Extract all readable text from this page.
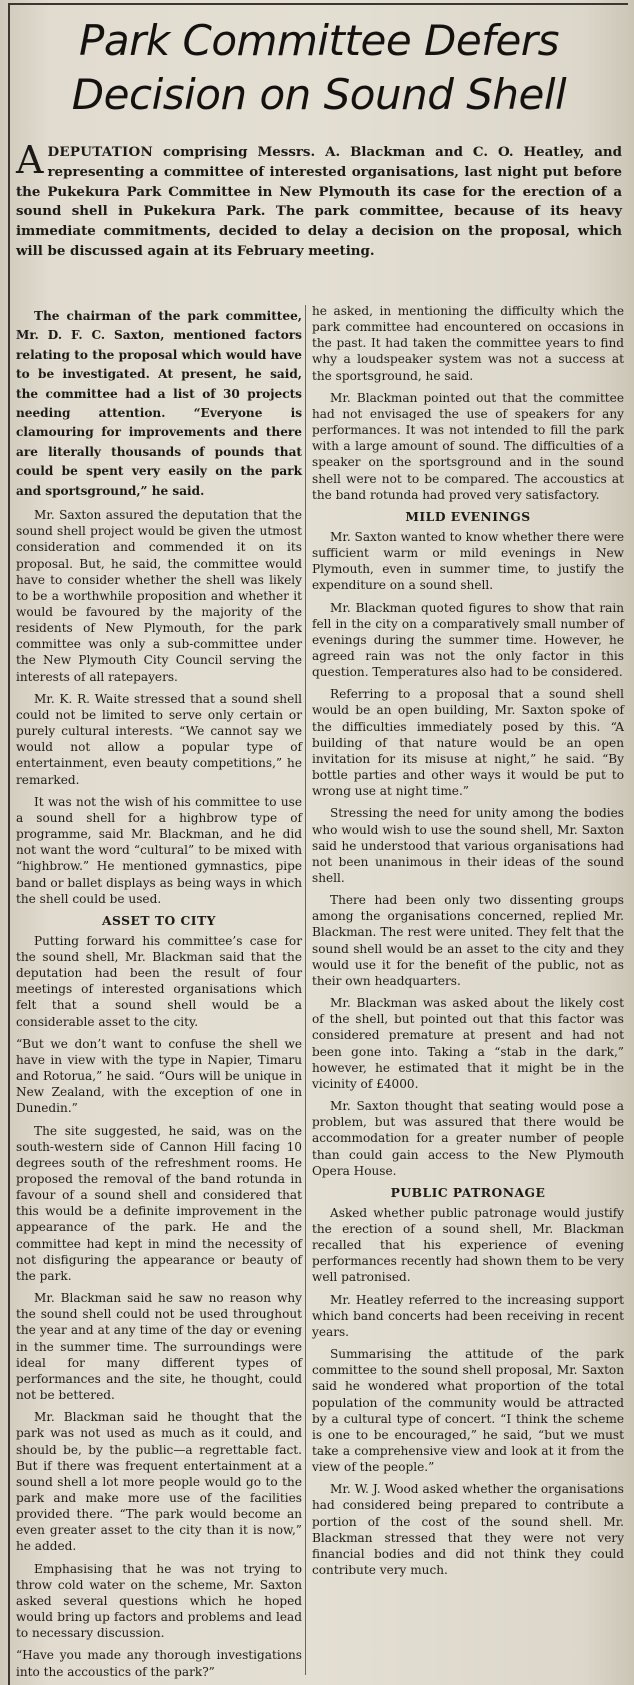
Park Committee Defers
Decision on Sound Shell

ADEPUTATION comprising Messrs. A. Blackman and C. O. Heatley, and representing a committee of interested organisations, last night put before the Pukekura Park Committee in New Plymouth its case for the erection of a sound shell in Pukekura Park. The park committee, because of its heavy immediate commitments, decided to delay a decision on the proposal, which will be discussed again at its February meeting.

The chairman of the park committee, Mr. D. F. C. Saxton, mentioned factors relating to the proposal which would have to be investigated. At present, he said, the committee had a list of 30 projects needing attention. “Everyone is clamouring for improvements and there are literally thousands of pounds that could be spent very easily on the park and sportsground,” he said.

Mr. Saxton assured the deputation that the sound shell project would be given the utmost consideration and commended it on its proposal. But, he said, the committee would have to consider whether the shell was likely to be a worthwhile proposition and whether it would be favoured by the majority of the residents of New Plymouth, for the park committee was only a sub-committee under the New Plymouth City Council serving the interests of all ratepayers.

Mr. K. R. Waite stressed that a sound shell could not be limited to serve only certain or purely cultural interests. “We cannot say we would not allow a popular type of entertainment, even beauty competitions,” he remarked.

It was not the wish of his committee to use a sound shell for a highbrow type of programme, said Mr. Blackman, and he did not want the word “cultural” to be mixed with “highbrow.” He mentioned gymnastics, pipe band or ballet displays as being ways in which the shell could be used.

ASSET TO CITY

Putting forward his committee’s case for the sound shell, Mr. Blackman said that the deputation had been the result of four meetings of interested organisations which felt that a sound shell would be a considerable asset to the city.

“But we don’t want to confuse the shell we have in view with the type in Napier, Timaru and Rotorua,” he said. “Ours will be unique in New Zealand, with the exception of one in Dunedin.”

The site suggested, he said, was on the south-western side of Cannon Hill facing 10 degrees south of the refreshment rooms. He proposed the removal of the band rotunda in favour of a sound shell and considered that this would be a definite improvement in the appearance of the park. He and the committee had kept in mind the necessity of not disfiguring the appearance or beauty of the park.

Mr. Blackman said he saw no reason why the sound shell could not be used throughout the year and at any time of the day or evening in the summer time. The surroundings were ideal for many different types of performances and the site, he thought, could not be bettered.

Mr. Blackman said he thought that the park was not used as much as it could, and should be, by the public—a regrettable fact. But if there was frequent entertainment at a sound shell a lot more people would go to the park and make more use of the facilities provided there. “The park would become an even greater asset to the city than it is now,” he added.

Emphasising that he was not trying to throw cold water on the scheme, Mr. Saxton asked several questions which he hoped would bring up factors and problems and lead to necessary discussion.

“Have you made any thorough investigations into the accoustics of the park?”

he asked, in mentioning the difficulty which the park committee had encountered on occasions in the past. It had taken the committee years to find why a loudspeaker system was not a success at the sportsground, he said.

Mr. Blackman pointed out that the committee had not envisaged the use of speakers for any performances. It was not intended to fill the park with a large amount of sound. The difficulties of a speaker on the sportsground and in the sound shell were not to be compared. The accoustics at the band rotunda had proved very satisfactory.

MILD EVENINGS

Mr. Saxton wanted to know whether there were sufficient warm or mild evenings in New Plymouth, even in summer time, to justify the expenditure on a sound shell.

Mr. Blackman quoted figures to show that rain fell in the city on a comparatively small number of evenings during the summer time. However, he agreed rain was not the only factor in this question. Temperatures also had to be considered.

Referring to a proposal that a sound shell would be an open building, Mr. Saxton spoke of the difficulties immediately posed by this. “A building of that nature would be an open invitation for its misuse at night,” he said. “By bottle parties and other ways it would be put to wrong use at night time.”

Stressing the need for unity among the bodies who would wish to use the sound shell, Mr. Saxton said he understood that various organisations had not been unanimous in their ideas of the sound shell.

There had been only two dissenting groups among the organisations concerned, replied Mr. Blackman. The rest were united. They felt that the sound shell would be an asset to the city and they would use it for the benefit of the public, not as their own headquarters.

Mr. Blackman was asked about the likely cost of the shell, but pointed out that this factor was considered premature at present and had not been gone into. Taking a “stab in the dark,” however, he estimated that it might be in the vicinity of £4000.

Mr. Saxton thought that seating would pose a problem, but was assured that there would be accommodation for a greater number of people than could gain access to the New Plymouth Opera House.

PUBLIC PATRONAGE

Asked whether public patronage would justify the erection of a sound shell, Mr. Blackman recalled that his experience of evening performances recently had shown them to be very well patronised.

Mr. Heatley referred to the increasing support which band concerts had been receiving in recent years.

Summarising the attitude of the park committee to the sound shell proposal, Mr. Saxton said he wondered what proportion of the total population of the community would be attracted by a cultural type of concert. “I think the scheme is one to be encouraged,” he said, “but we must take a comprehensive view and look at it from the view of the people.”

Mr. W. J. Wood asked whether the organisations had considered being prepared to contribute a portion of the cost of the sound shell. Mr. Blackman stressed that they were not very financial bodies and did not think they could contribute very much.
